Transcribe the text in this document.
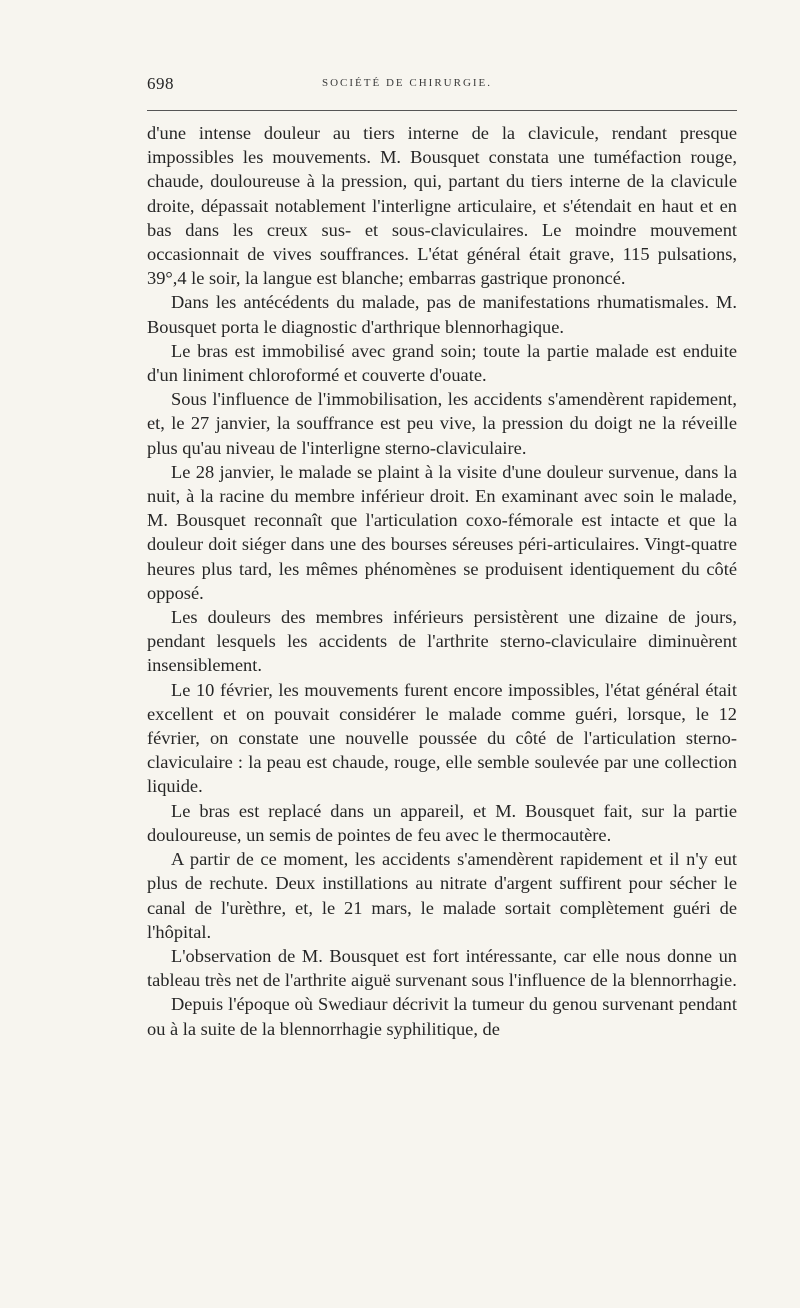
698	SOCIÉTÉ DE CHIRURGIE.

d'une intense douleur au tiers interne de la clavicule, rendant presque impossibles les mouvements. M. Bousquet constata une tuméfaction rouge, chaude, douloureuse à la pression, qui, partant du tiers interne de la clavicule droite, dépassait notablement l'interligne articulaire, et s'étendait en haut et en bas dans les creux sus- et sous-claviculaires. Le moindre mouvement occasionnait de vives souffrances. L'état général était grave, 115 pulsations, 39°,4 le soir, la langue est blanche; embarras gastrique prononcé.

Dans les antécédents du malade, pas de manifestations rhumatismales. M. Bousquet porta le diagnostic d'arthrique blennorhagique.

Le bras est immobilisé avec grand soin; toute la partie malade est enduite d'un liniment chloroformé et couverte d'ouate.

Sous l'influence de l'immobilisation, les accidents s'amendèrent rapidement, et, le 27 janvier, la souffrance est peu vive, la pression du doigt ne la réveille plus qu'au niveau de l'interligne sterno-claviculaire.

Le 28 janvier, le malade se plaint à la visite d'une douleur survenue, dans la nuit, à la racine du membre inférieur droit. En examinant avec soin le malade, M. Bousquet reconnaît que l'articulation coxo-fémorale est intacte et que la douleur doit siéger dans une des bourses séreuses péri-articulaires. Vingt-quatre heures plus tard, les mêmes phénomènes se produisent identiquement du côté opposé.

Les douleurs des membres inférieurs persistèrent une dizaine de jours, pendant lesquels les accidents de l'arthrite sterno-claviculaire diminuèrent insensiblement.

Le 10 février, les mouvements furent encore impossibles, l'état général était excellent et on pouvait considérer le malade comme guéri, lorsque, le 12 février, on constate une nouvelle poussée du côté de l'articulation sterno-claviculaire : la peau est chaude, rouge, elle semble soulevée par une collection liquide.

Le bras est replacé dans un appareil, et M. Bousquet fait, sur la partie douloureuse, un semis de pointes de feu avec le thermocautère.

A partir de ce moment, les accidents s'amendèrent rapidement et il n'y eut plus de rechute. Deux instillations au nitrate d'argent suffirent pour sécher le canal de l'urèthre, et, le 21 mars, le malade sortait complètement guéri de l'hôpital.

L'observation de M. Bousquet est fort intéressante, car elle nous donne un tableau très net de l'arthrite aiguë survenant sous l'influence de la blennorrhagie.

Depuis l'époque où Swediaur décrivit la tumeur du genou survenant pendant ou à la suite de la blennorrhagie syphilitique, de
